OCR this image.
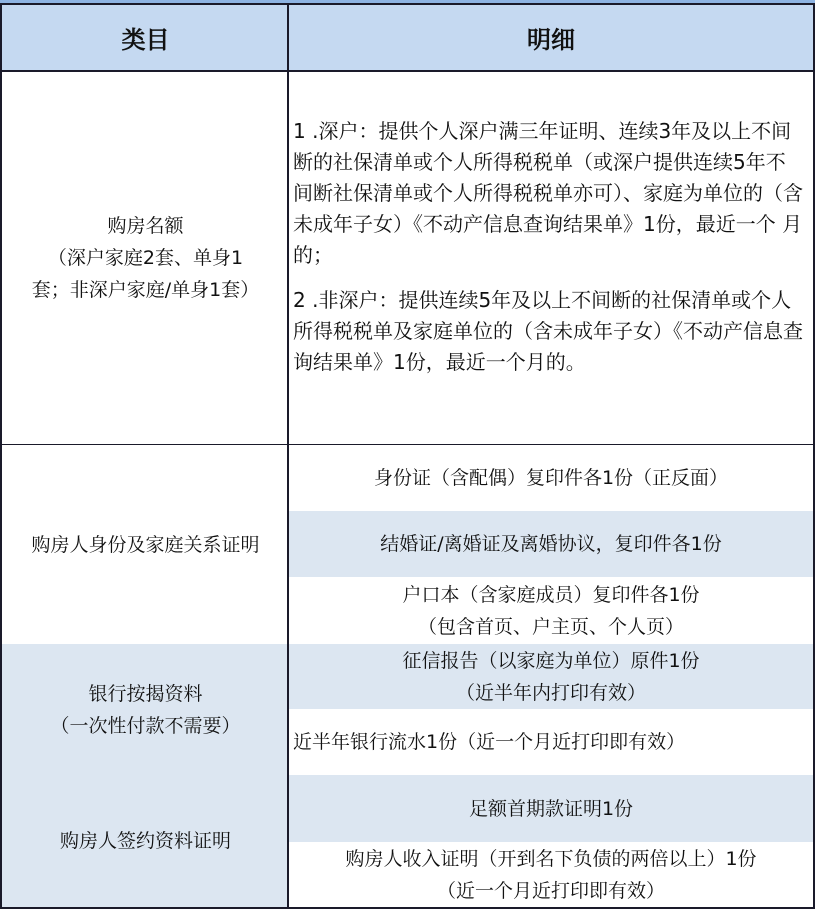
类目	明细
购房名额
（深户家庭2套、单身1
套；非深户家庭/单身1套）

1 .深户：提供个人深户满三年证明、连续3年及以上不间断的社保清单或个人所得税税单（或深户提供连续5年不间断社保清单或个人所得税税单亦可）、家庭为单位的（含 未成年子女）《不动产信息查询结果单》1份，最近一个 月的；

2 .非深户：提供连续5年及以上不间断的社保清单或个人所得税税单及家庭单位的（含未成年子女）《不动产信息查询结果单》1份，最近一个月的。

购房人身份及家庭关系证明
身份证（含配偶）复印件各1份（正反面）
结婚证/离婚证及离婚协议，复印件各1份
户口本（含家庭成员）复印件各1份
（包含首页、户主页、个人页）
银行按揭资料
（一次性付款不需要）
征信报告（以家庭为单位）原件1份
（近半年内打印有效）
近半年银行流水1份（近一个月近打印即有效）
购房人签约资料证明
足额首期款证明1份
购房人收入证明（开到名下负债的两倍以上）1份
（近一个月近打印即有效）
